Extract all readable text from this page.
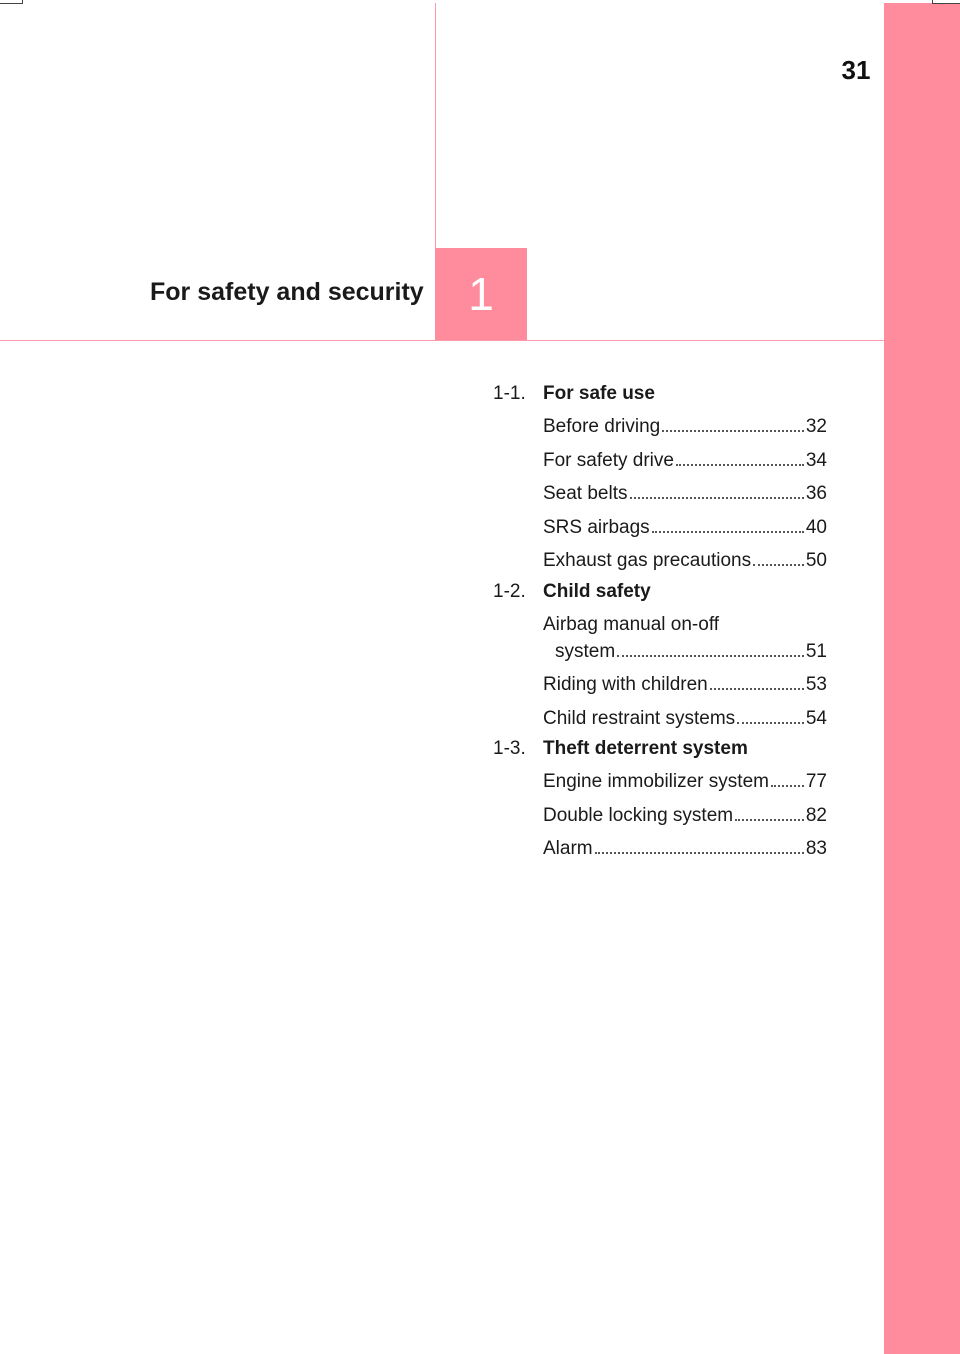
31
For safety and security 1
1-1. For safe use
Before driving	32
For safety drive	34
Seat belts	36
SRS airbags	40
Exhaust gas precautions	50
1-2. Child safety
Airbag manual on-off
system	51
Riding with children	53
Child restraint systems	54
1-3. Theft deterrent system
Engine immobilizer system 77
Double locking system	82
Alarm	83
